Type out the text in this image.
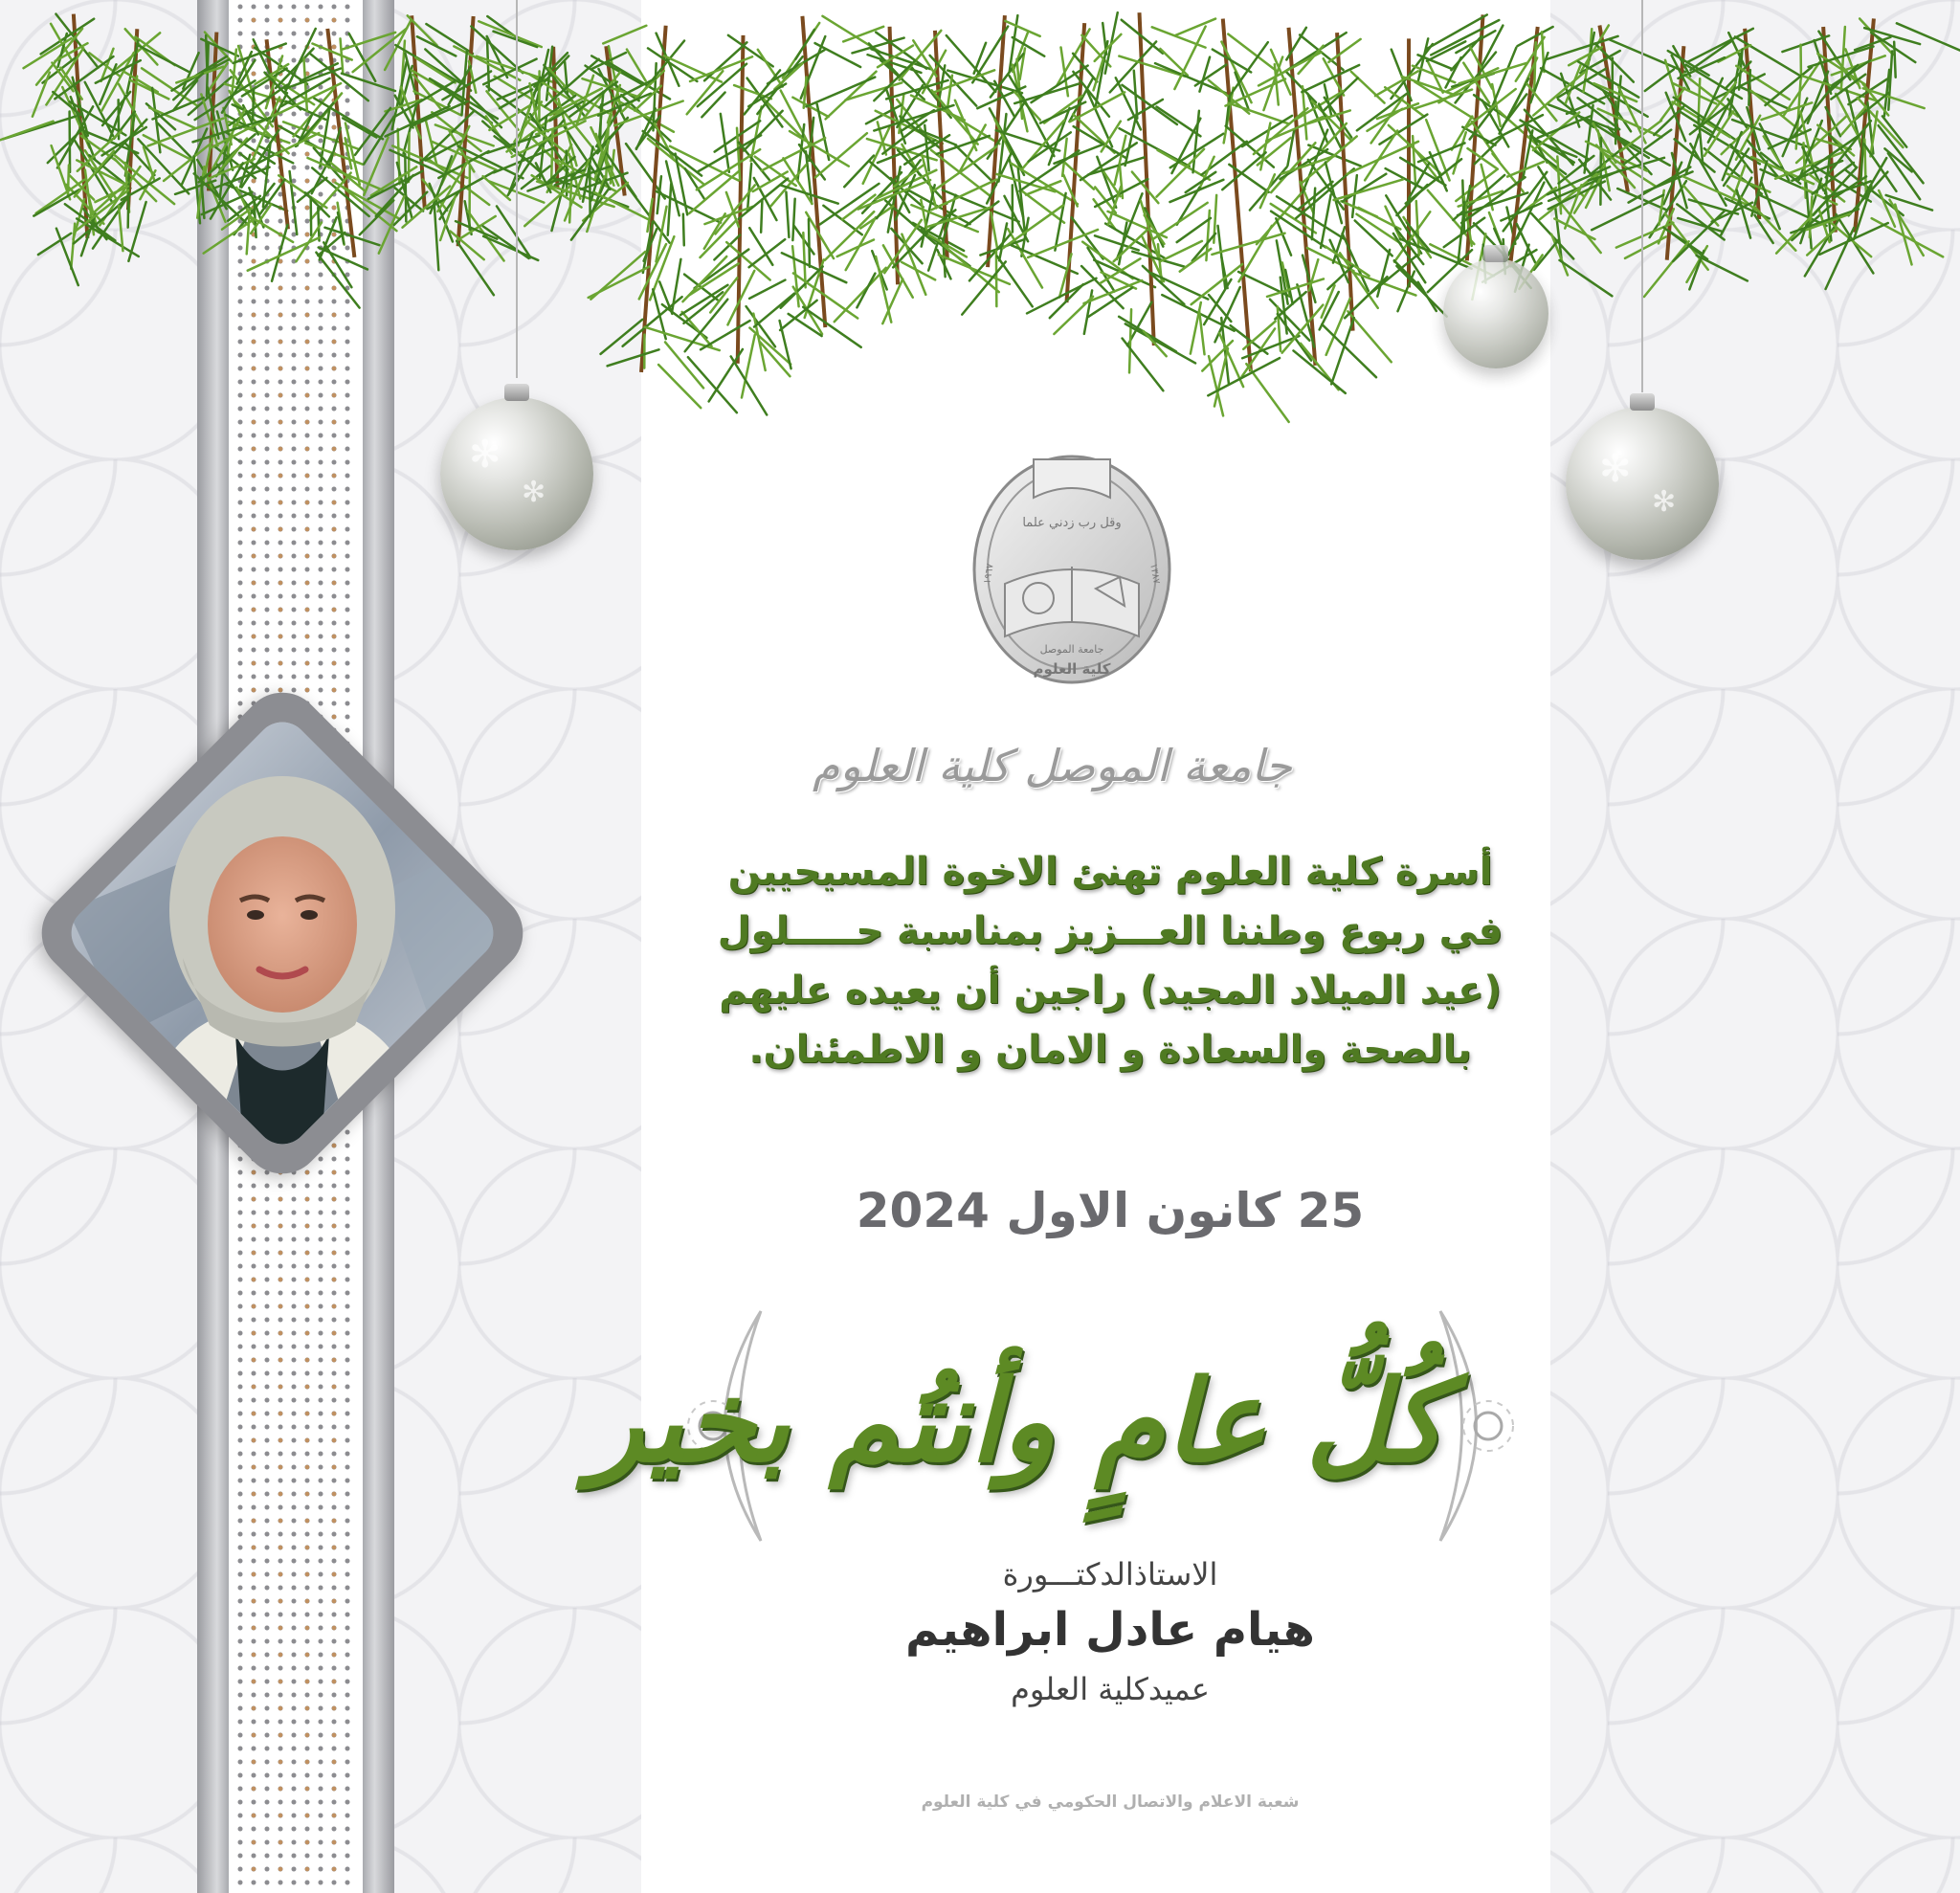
✻
✻
✻
✻
وقل رب زدني علما
جامعة الموصل
كلية العلوم
١٩٦٧	١٣٨٧
جامعة الموصل كلية العلوم
أسرة كلية العلوم تهنئ الاخوة المسيحيين
في ربوع وطننا العـــزيز بمناسبة حـــــلول
(عيد الميلاد المجيد) راجين أن يعيده عليهم
بالصحة والسعادة و الامان و الاطمئنان.
25 كانون الاول 2024
كُلُّ عامٍ وأنتُم بخير
الاستاذالدكتـــورة
هيام عادل ابراهيم
عميدكلية العلوم
شعبة الاعلام والاتصال الحكومي في كلية العلوم
